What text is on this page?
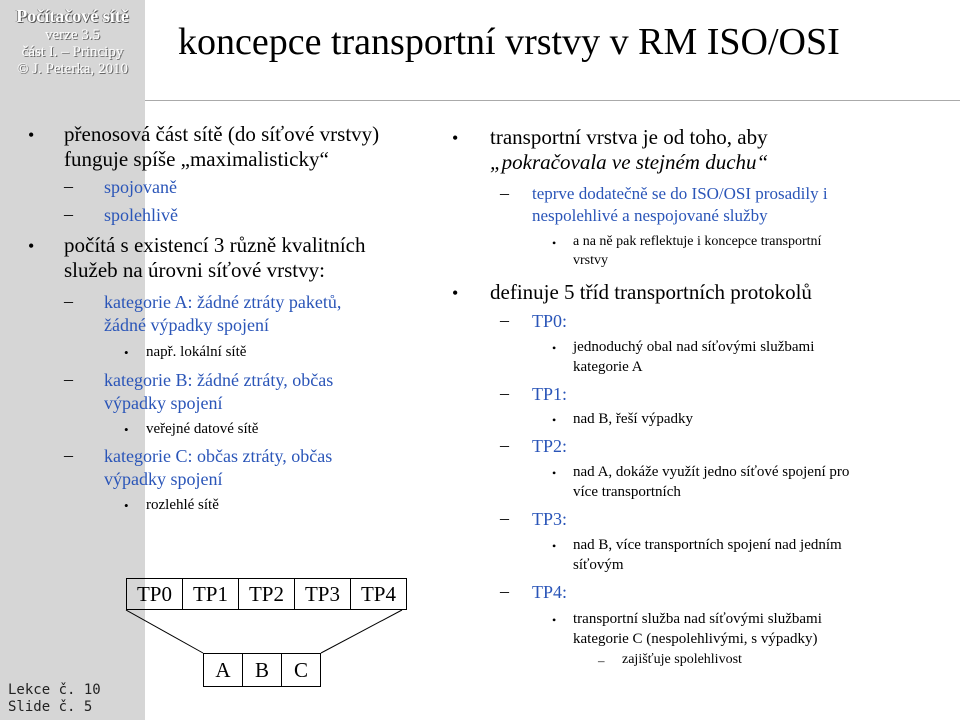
Počítačové sítě
verze 3.5
část I. – Principy
© J. Peterka, 2010
Lekce č. 10
Slide č. 5
koncepce transportní vrstvy v RM ISO/OSI
• přenosová část sítě (do síťové vrstvy)
funguje spíše „maximalisticky“
– spojovaně
– spolehlivě
• počítá s existencí 3 různě kvalitních
služeb na úrovni síťové vrstvy:
– kategorie A: žádné ztráty paketů,
žádné výpadky spojení
• např. lokální sítě
– kategorie B: žádné ztráty, občas
výpadky spojení
• veřejné datové sítě
– kategorie C: občas ztráty, občas
výpadky spojení
• rozlehlé sítě
TP0	TP1	TP2	TP3	TP4
A	B	C
• transportní vrstva je od toho, aby
„pokračovala ve stejném duchu“
– teprve dodatečně se do ISO/OSI prosadily i
nespolehlivé a nespojované služby
• a na ně pak reflektuje i koncepce transportní
vrstvy
• definuje 5 tříd transportních protokolů
– TP0:
• jednoduchý obal nad síťovými službami
kategorie A
– TP1:
• nad B, řeší výpadky
– TP2:
• nad A, dokáže využít jedno síťové spojení pro
více transportních
– TP3:
• nad B, více transportních spojení nad jedním
síťovým
– TP4:
• transportní služba nad síťovými službami
kategorie C (nespolehlivými, s výpadky)
– zajišťuje spolehlivost
